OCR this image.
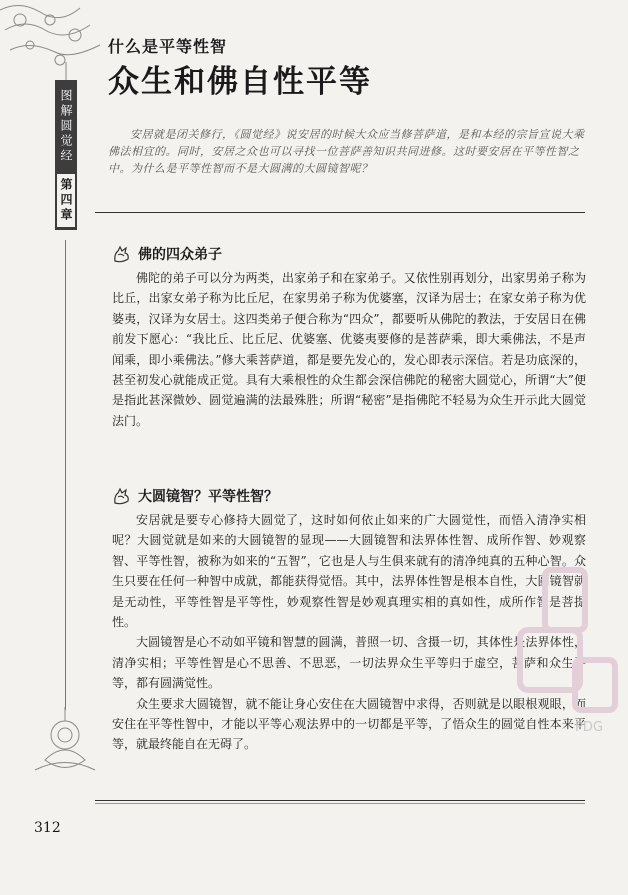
图解圆觉经
第四章
什么是平等性智
众生和佛自性平等
安居就是闭关修行，《圆觉经》说安居的时候大众应当修菩萨道，是和本经的宗旨宣说大乘佛法相宜的。同时，安居之众也可以寻找一位菩萨善知识共同进修。这时要安居在平等性智之中。为什么是平等性智而不是大圆满的大圆镜智呢？
佛的四众弟子

佛陀的弟子可以分为两类，出家弟子和在家弟子。又依性别再划分，出家男弟子称为比丘，出家女弟子称为比丘尼，在家男弟子称为优婆塞，汉译为居士；在家女弟子称为优婆夷，汉译为女居士。这四类弟子便合称为“四众”，都要听从佛陀的教法，于安居日在佛前发下愿心：“我比丘、比丘尼、优婆塞、优婆夷要修的是菩萨乘，即大乘佛法，不是声闻乘，即小乘佛法。”修大乘菩萨道，都是要先发心的，发心即表示深信。若是功底深的，甚至初发心就能成正觉。具有大乘根性的众生都会深信佛陀的秘密大圆觉心，所谓“大”便是指此甚深微妙、圆觉遍满的法最殊胜；所谓“秘密”是指佛陀不轻易为众生开示此大圆觉法门。

大圆镜智？平等性智？

安居就是要专心修持大圆觉了，这时如何依止如来的广大圆觉性，而悟入清净实相呢？大圆觉就是如来的大圆镜智的显现——大圆镜智和法界体性智、成所作智、妙观察智、平等性智，被称为如来的“五智”，它也是人与生俱来就有的清净纯真的五种心智。众生只要在任何一种智中成就，都能获得觉悟。其中，法界体性智是根本自性，大圆镜智就是无动性，平等性智是平等性，妙观察性智是妙观真理实相的真如性，成所作智是菩提性。

大圆镜智是心不动如平镜和智慧的圆满，普照一切、含摄一切，其体性是法界体性，清净实相；平等性智是心不思善、不思恶，一切法界众生平等归于虚空，菩萨和众生平等，都有圆满觉性。

众生要求大圆镜智，就不能让身心安住在大圆镜智中求得，否则就是以眼根观眼，而安住在平等性智中，才能以平等心观法界中的一切都是平等，了悟众生的圆觉自性本来平等，就最终能自在无碍了。

PDG
312
